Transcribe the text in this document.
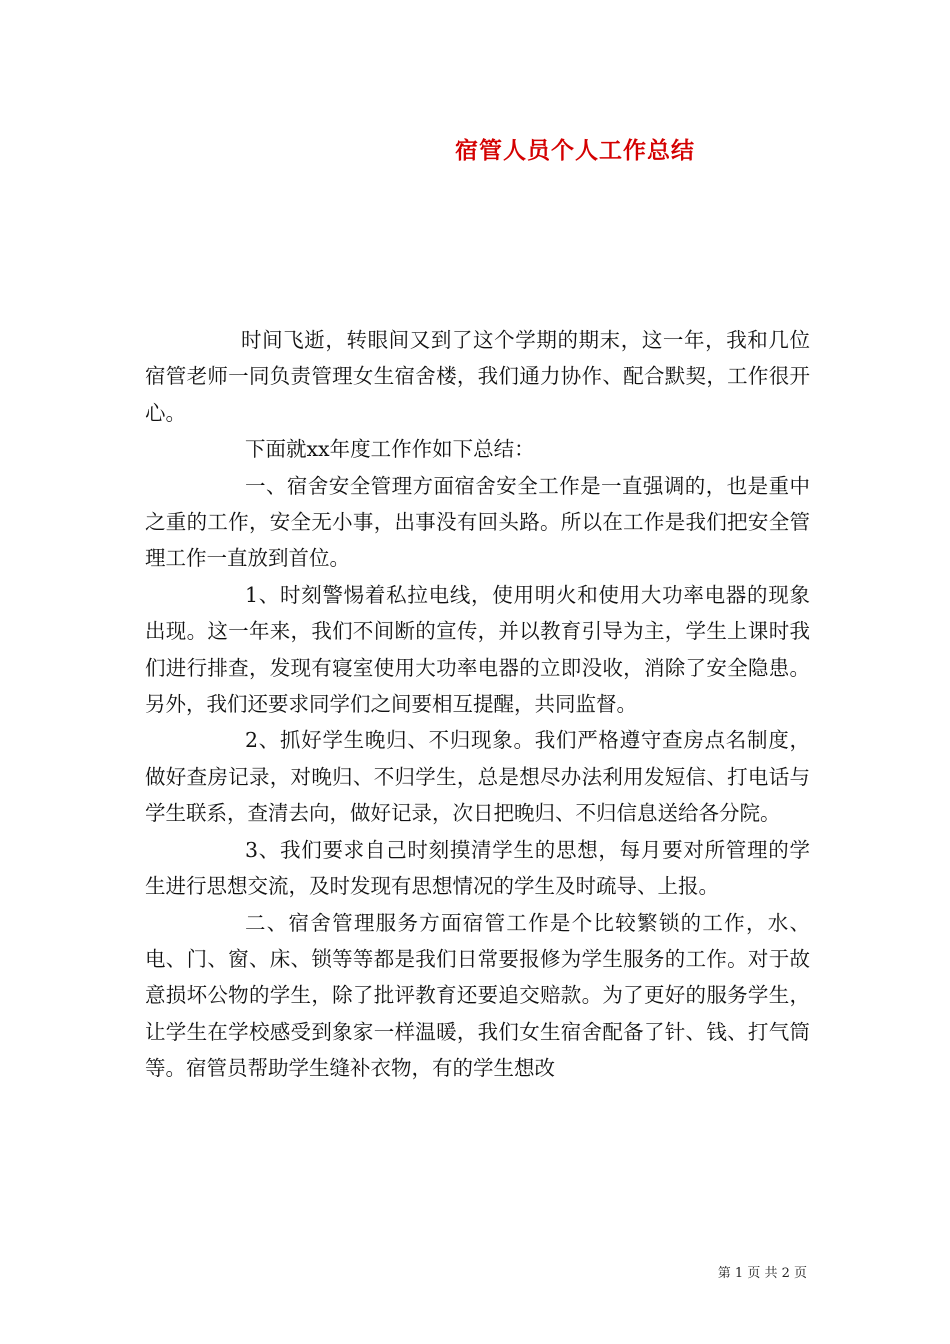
宿管人员个人工作总结

时间飞逝，转眼间又到了这个学期的期末，这一年，我和几位宿管老师一同负责管理女生宿舍楼，我们通力协作、配合默契，工作很开心。

下面就xx年度工作作如下总结：

一、宿舍安全管理方面宿舍安全工作是一直强调的，也是重中之重的工作，安全无小事，出事没有回头路。所以在工作是我们把安全管理工作一直放到首位。

1、时刻警惕着私拉电线，使用明火和使用大功率电器的现象出现。这一年来，我们不间断的宣传，并以教育引导为主，学生上课时我们进行排查，发现有寝室使用大功率电器的立即没收，消除了安全隐患。另外，我们还要求同学们之间要相互提醒，共同监督。

2、抓好学生晚归、不归现象。我们严格遵守查房点名制度，做好查房记录，对晚归、不归学生，总是想尽办法利用发短信、打电话与学生联系，查清去向，做好记录，次日把晚归、不归信息送给各分院。

3、我们要求自己时刻摸清学生的思想，每月要对所管理的学生进行思想交流，及时发现有思想情况的学生及时疏导、上报。

二、宿舍管理服务方面宿管工作是个比较繁锁的工作，水、电、门、窗、床、锁等等都是我们日常要报修为学生服务的工作。对于故意损坏公物的学生，除了批评教育还要追交赔款。为了更好的服务学生，让学生在学校感受到象家一样温暖，我们女生宿舍配备了针、钱、打气筒等。宿管员帮助学生缝补衣物，有的学生想改

第 1 页 共 2 页
